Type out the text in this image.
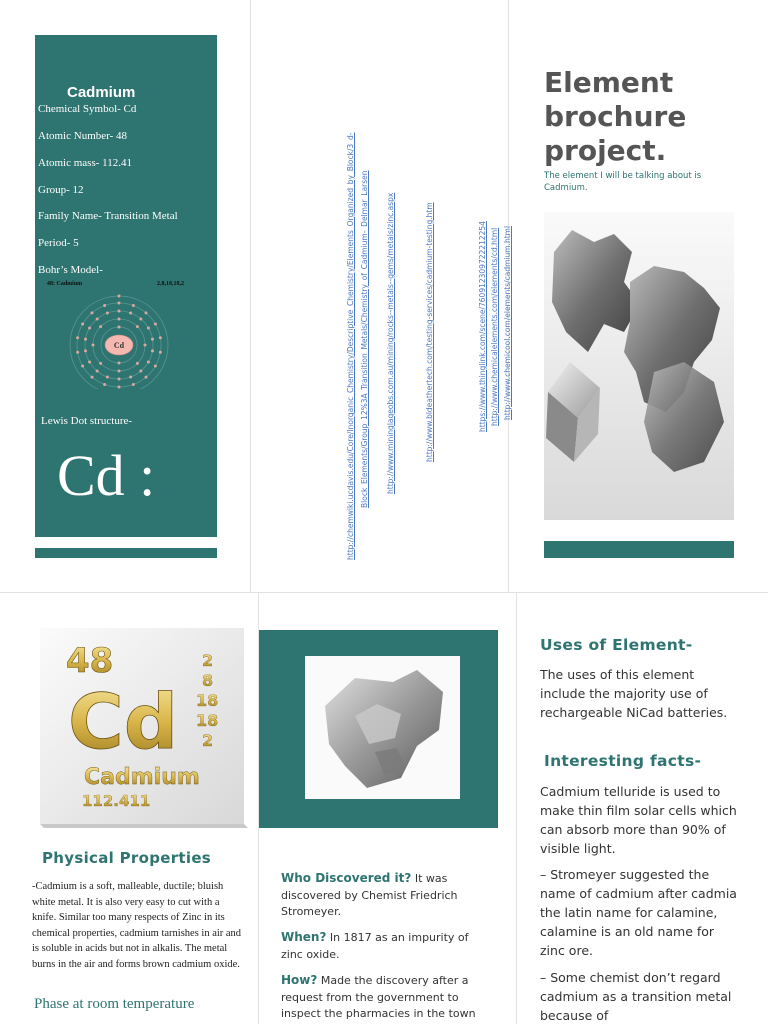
Cadmium
Chemical Symbol- Cd
Atomic Number- 48
Atomic mass- 112.41
Group- 12
Family Name- Transition Metal
Period- 5
Bohr’s Model-
48: Cadmium	2,8,18,18,2
Cd
Lewis Dot structure-
Cd :	http://chemwiki.ucdavis.edu/Core/Inorganic_Chemistry/Descriptive_Chemistry/Elements_Organized_by_Block/3_d- Block_Elements/Group_12%3A_Transition_Metals/Chemistry_of_Cadmium-_Delmar_Larsen http://www.mininglaqeobs.com.au/mining/rocks--metals--gems/metals/zinc.aspx	http://www.bldeathertech.com/testing-services/cadmium-testing.htm	https://www.thinglink.com/scene/760912309722212254 http://www.chemicalelements.com/elements/cd.html http://www.chemicool.com/elements/cadmium.html
Element brochure project.
The element I will be talking about is Cadmium.
48
Cd
Cadmium
112.411
2
8
18
18
2
Physical Properties
-Cadmium is a soft, malleable, ductile; bluish white metal. It is also very easy to cut with a knife. Similar too many respects of Zinc in its chemical properties, cadmium tarnishes in air and is soluble in acids but not in alkalis. The metal burns in the air and forms brown cadmium oxide.
Phase at room temperature
Who Discovered it? It was discovered by Chemist Friedrich Stromeyer.
When? In 1817 as an impurity of zinc oxide.
How? Made the discovery after a request from the government to inspect the pharmacies in the town
Uses of Element-
The uses of this element include the majority use of rechargeable NiCad batteries.
Interesting facts-
Cadmium telluride is used to make thin film solar cells which can absorb more than 90% of visible light.
– Stromeyer suggested the name of cadmium after cadmia the latin name for calamine, calamine is an old name for zinc ore.
– Some chemist don’t regard cadmium as a transition metal because of
